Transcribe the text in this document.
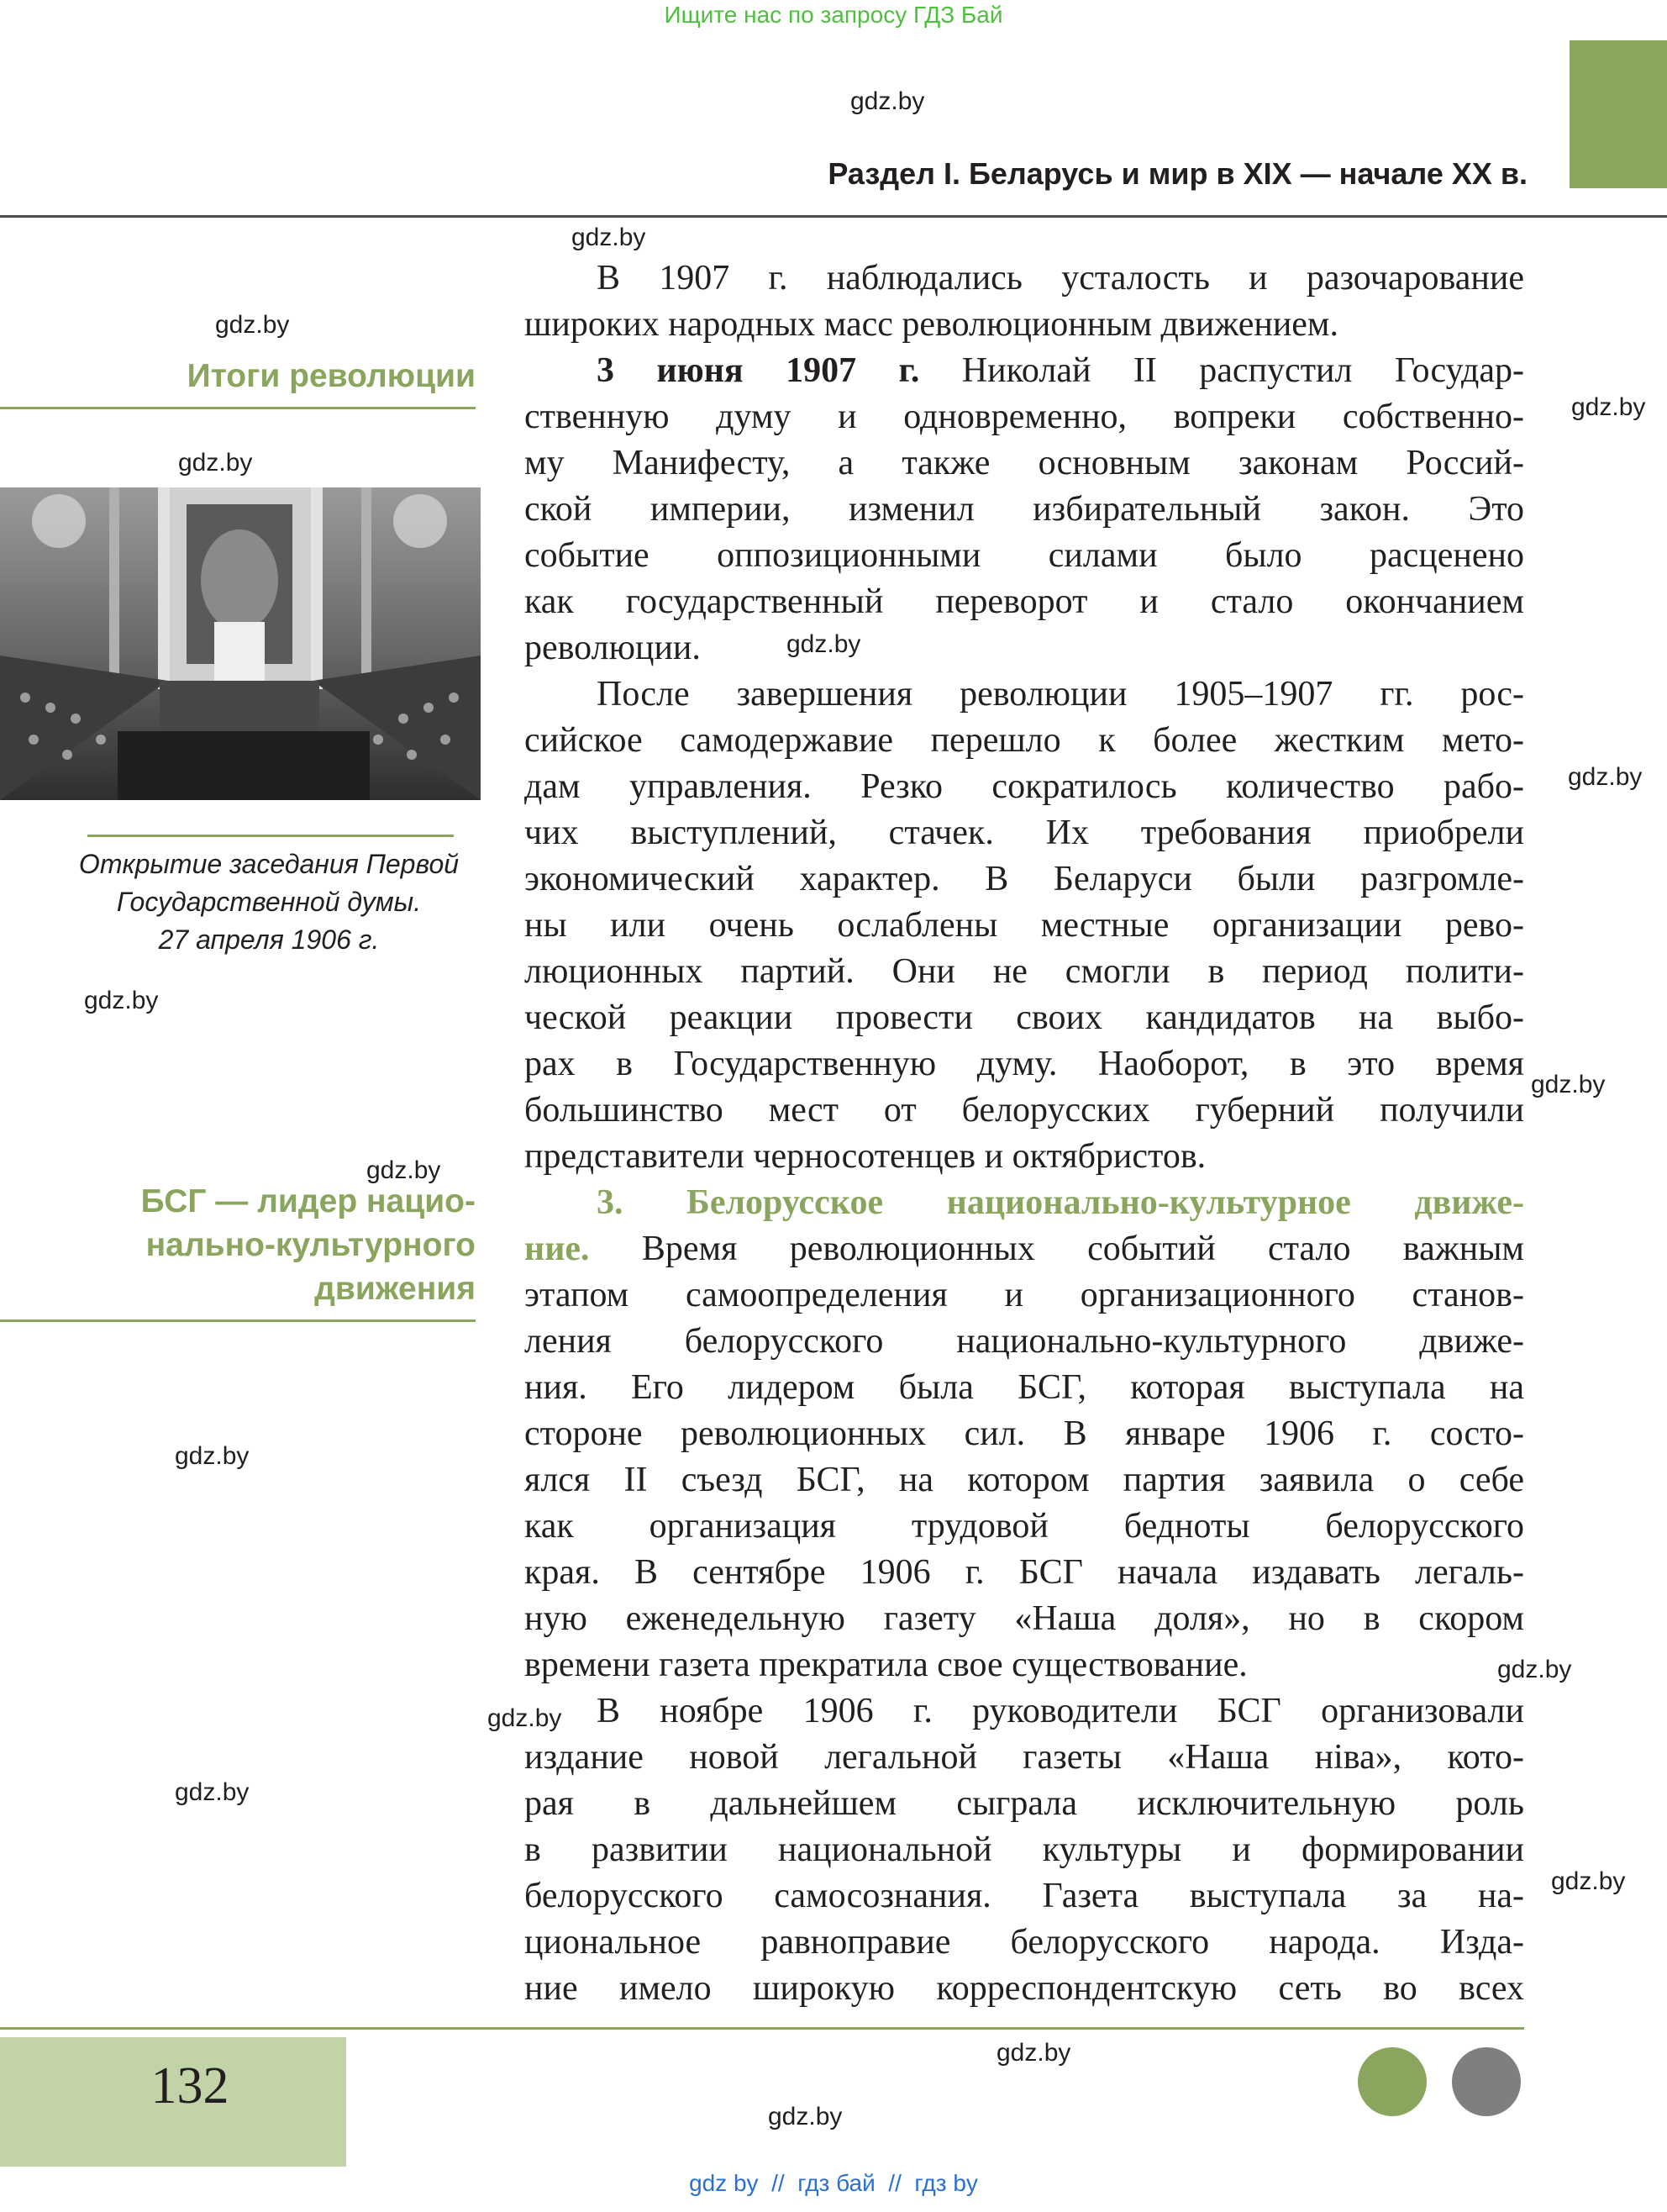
Ищите нас по запросу ГДЗ Бай
gdz.by
Раздел I. Беларусь и мир в XIX — начале XX в.
gdz.by
Итоги революции
gdz.by
Открытие заседания Первой
Государственной думы.
27 апреля 1906 г.
gdz.by
gdz.by
БСГ — лидер нацио-
нально-культурного
движения
gdz.by
gdz.by
gdz.by
gdz.by
gdz.by
gdz.by
gdz.by
gdz.by
gdz.by
gdz.by

В 1907 г. наблюдались усталость и разочарование

широких народных масс революционным движением.

3 июня 1907 г. Николай II распустил Государ-

ственную думу и одновременно, вопреки собственно-

му Манифесту, а также основным законам Россий-

ской империи, изменил избирательный закон. Это

событие оппозиционными силами было расценено

как государственный переворот и стало окончанием

революции.

После завершения революции 1905–1907 гг. рос-

сийское самодержавие перешло к более жестким мето-

дам управления. Резко сократилось количество рабо-

чих выступлений, стачек. Их требования приобрели

экономический характер. В Беларуси были разгромле-

ны или очень ослаблены местные организации рево-

люционных партий. Они не смогли в период полити-

ческой реакции провести своих кандидатов на выбо-

рах в Государственную думу. Наоборот, в это время

большинство мест от белорусских губерний получили

представители черносотенцев и октябристов.

3. Белорусское национально-культурное движе-

ние. Время революционных событий стало важным

этапом самоопределения и организационного станов-

ления белорусского национально-культурного движе-

ния. Его лидером была БСГ, которая выступала на

стороне революционных сил. В январе 1906 г. состо-

ялся II съезд БСГ, на котором партия заявила о себе

как организация трудовой бедноты белорусского

края. В сентябре 1906 г. БСГ начала издавать легаль-

ную еженедельную газету «Наша доля», но в скором

времени газета прекратила свое существование.

В ноябре 1906 г. руководители БСГ организовали

издание новой легальной газеты «Наша ніва», кото-

рая в дальнейшем сыграла исключительную роль

в развитии национальной культуры и формировании

белорусского самосознания. Газета выступала за на-

циональное равноправие белорусского народа. Изда-

ние имело широкую корреспондентскую сеть во всех

132
gdz.by
gdz.by
gdz by  //  гдз бай  //  гдз by
